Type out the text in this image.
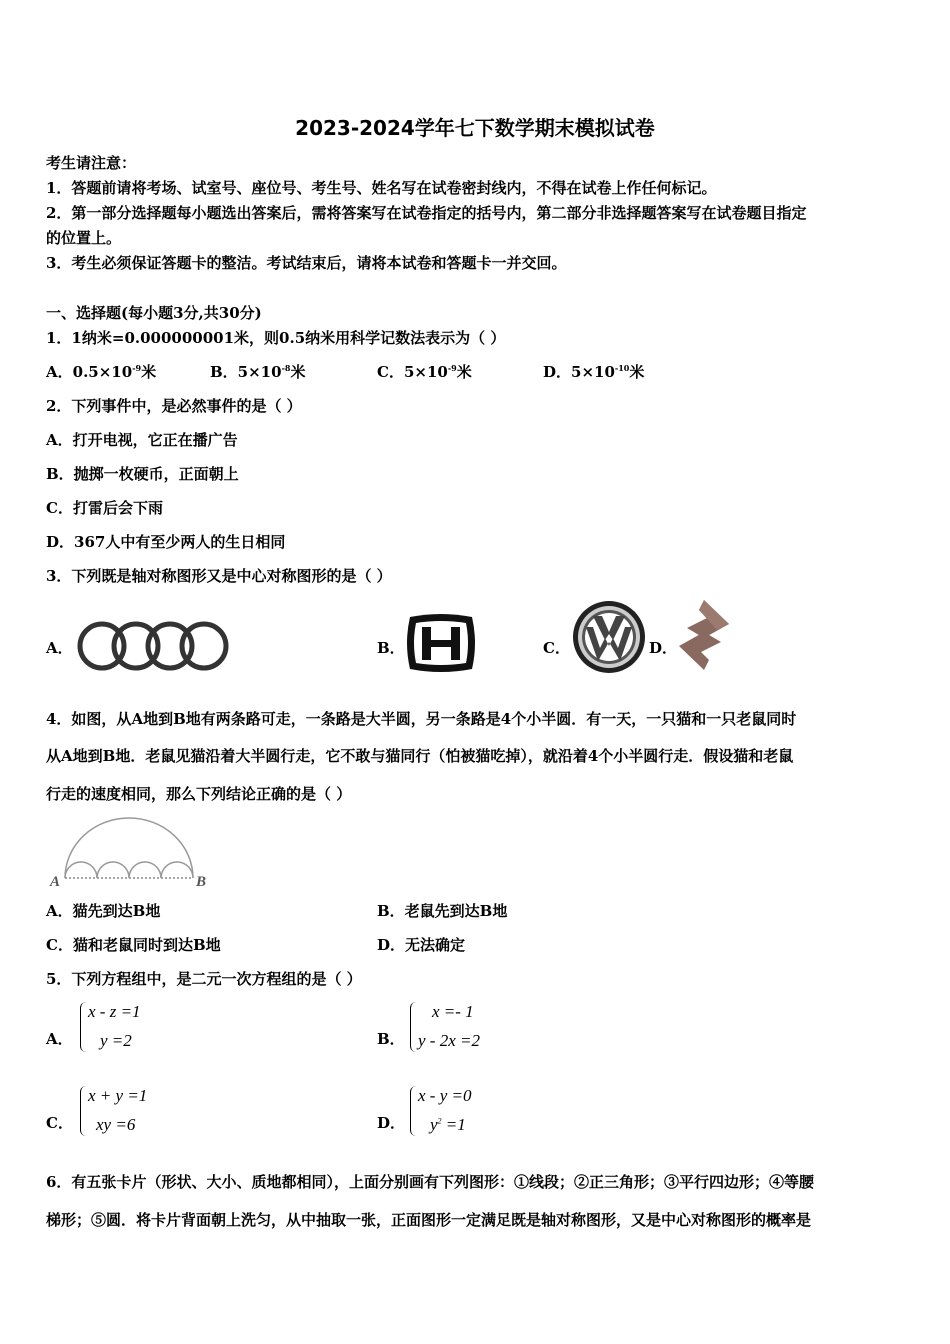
2023-2024学年七下数学期末模拟试卷
考生请注意：
1．答题前请将考场、试室号、座位号、考生号、姓名写在试卷密封线内，不得在试卷上作任何标记。
2．第一部分选择题每小题选出答案后，需将答案写在试卷指定的括号内，第二部分非选择题答案写在试卷题目指定
的位置上。
3．考生必须保证答题卡的整洁。考试结束后，请将本试卷和答题卡一并交回。
一、选择题(每小题3分,共30分)
1．1纳米=0.000000001米，则0.5纳米用科学记数法表示为（ ）
A．$0.5\times 10^{-9}$米	B．$5\times 10^{-8}$米	C．$5\times 10^{-9}$米	D．$5\times 10^{-10}$米
2．下列事件中，是必然事件的是（ ）
A．打开电视，它正在播广告
B．抛掷一枚硬币，正面朝上
C．打雷后会下雨
D．367人中有至少两人的生日相同
3．下列既是轴对称图形又是中心对称图形的是（ ）
A．	B．	C．	D．
4．如图，从A地到B地有两条路可走，一条路是大半圆，另一条路是4个小半圆．有一天，一只猫和一只老鼠同时
从A地到B地．老鼠见猫沿着大半圆行走，它不敢与猫同行（怕被猫吃掉），就沿着4个小半圆行走．假设猫和老鼠
行走的速度相同，那么下列结论正确的是（ ）
A	B
A．猫先到达B地	B．老鼠先到达B地
C．猫和老鼠同时到达B地	D．无法确定
5．下列方程组中，是二元一次方程组的是（ ）
A．
x - z =1
y =2	B．
x =- 1
y - 2x =2
C．
x + y =1
xy =6	D．
x - y =0
$y^2 =1$
6．有五张卡片（形状、大小、质地都相同），上面分别画有下列图形：①线段；②正三角形；③平行四边形；④等腰
梯形；⑤圆．将卡片背面朝上洗匀，从中抽取一张，正面图形一定满足既是轴对称图形，又是中心对称图形的概率是
